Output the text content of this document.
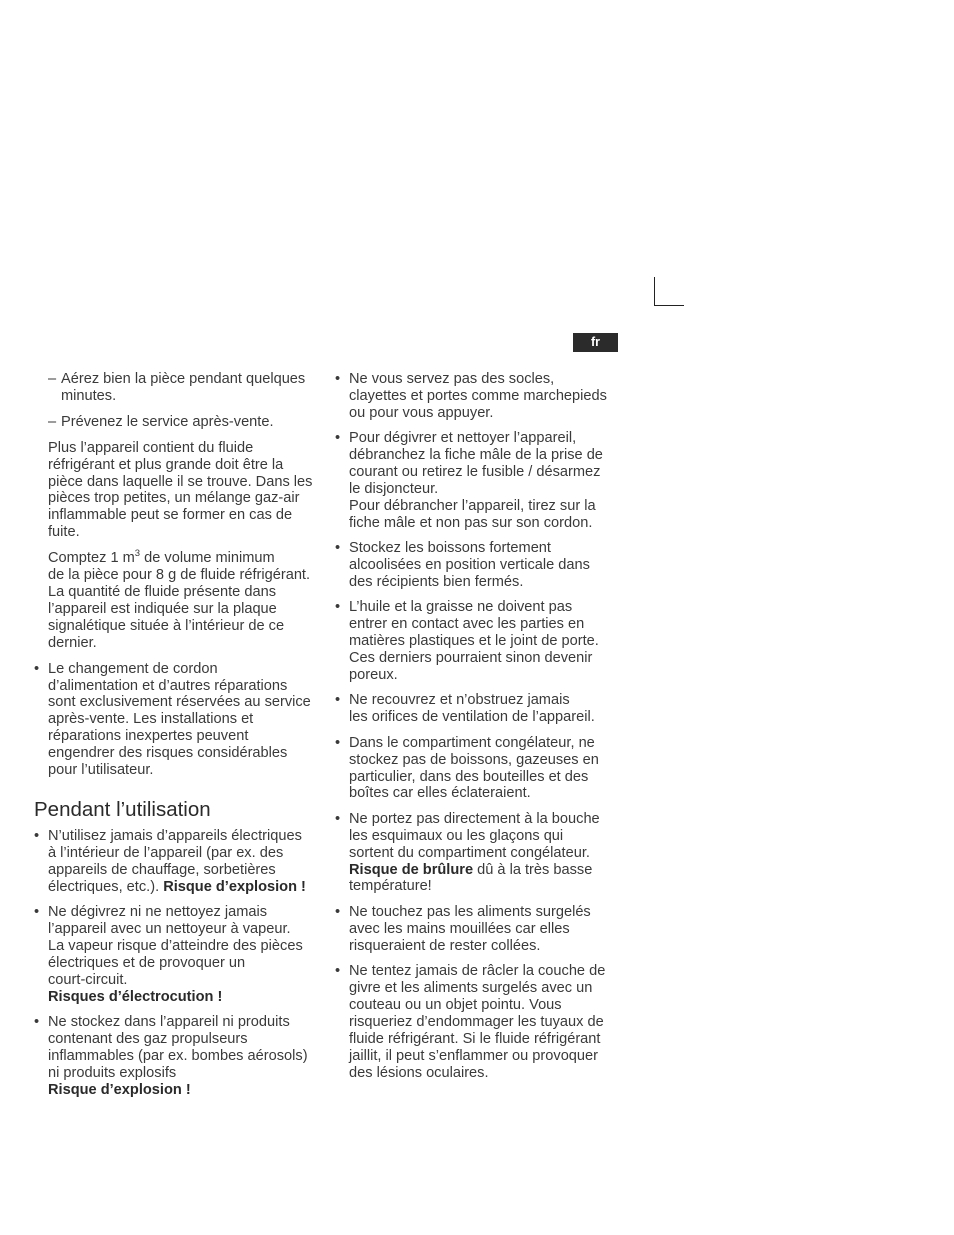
fr
– Aérez bien la pièce pendant quelques
minutes.
– Prévenez le service après-vente.
Plus l’appareil contient du fluide
réfrigérant et plus grande doit être la
pièce dans laquelle il se trouve. Dans les
pièces trop petites, un mélange gaz-air
inflammable peut se former en cas de
fuite.
Comptez 1 $m^3$ de volume minimum
de la pièce pour 8 g de fluide réfrigérant.
La quantité de fluide présente dans
l’appareil est indiquée sur la plaque
signalétique située à l’intérieur de ce
dernier.
• Le changement de cordon
d’alimentation et d’autres réparations
sont exclusivement réservées au service
après-vente. Les installations et
réparations inexpertes peuvent
engendrer des risques considérables
pour l’utilisateur.
Pendant l’utilisation
• N’utilisez jamais d’appareils électriques
à l’intérieur de l’appareil (par ex. des
appareils de chauffage, sorbetières
électriques, etc.). Risque d’explosion !
• Ne dégivrez ni ne nettoyez jamais
l’appareil avec un nettoyeur à vapeur.
La vapeur risque d’atteindre des pièces
électriques et de provoquer un
court-circuit.
Risques d’électrocution !
• Ne stockez dans l’appareil ni produits
contenant des gaz propulseurs
inflammables (par ex. bombes aérosols)
ni produits explosifs
Risque d’explosion !
• Ne vous servez pas des socles,
clayettes et portes comme marchepieds
ou pour vous appuyer.
• Pour dégivrer et nettoyer l’appareil,
débranchez la fiche mâle de la prise de
courant ou retirez le fusible / désarmez
le disjoncteur.
Pour débrancher l’appareil, tirez sur la
fiche mâle et non pas sur son cordon.
• Stockez les boissons fortement
alcoolisées en position verticale dans
des récipients bien fermés.
• L’huile et la graisse ne doivent pas
entrer en contact avec les parties en
matières plastiques et le joint de porte.
Ces derniers pourraient sinon devenir
poreux.
• Ne recouvrez et n’obstruez jamais
les orifices de ventilation de l’appareil.
• Dans le compartiment congélateur, ne
stockez pas de boissons, gazeuses en
particulier, dans des bouteilles et des
boîtes car elles éclateraient.
• Ne portez pas directement à la bouche
les esquimaux ou les glaçons qui
sortent du compartiment congélateur.
Risque de brûlure dû à la très basse
température!
• Ne touchez pas les aliments surgelés
avec les mains mouillées car elles
risqueraient de rester collées.
• Ne tentez jamais de râcler la couche de
givre et les aliments surgelés avec un
couteau ou un objet pointu. Vous
risqueriez d’endommager les tuyaux de
fluide réfrigérant. Si le fluide réfrigérant
jaillit, il peut s’enflammer ou provoquer
des lésions oculaires.
